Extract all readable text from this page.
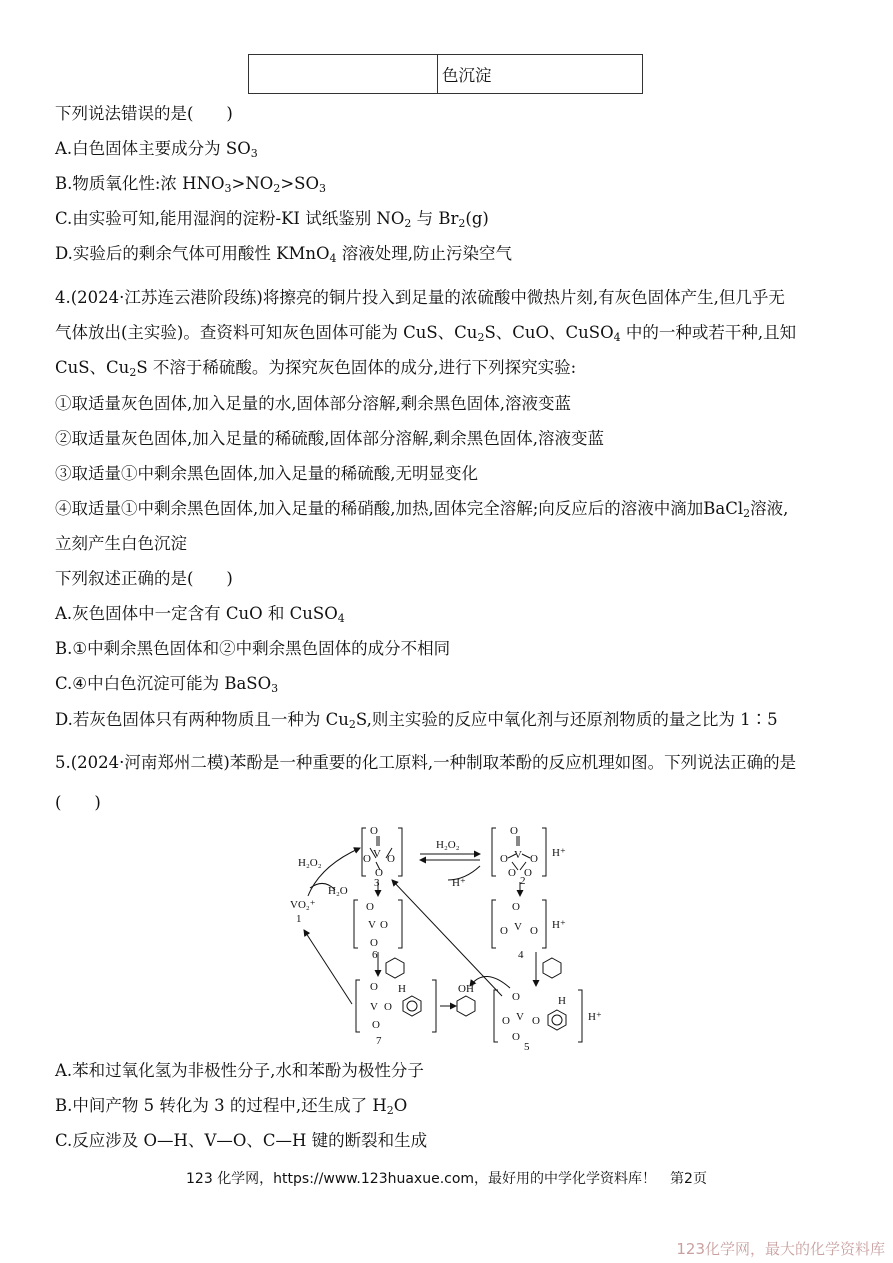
	色沉淀
下列说法错误的是(　　)
A.白色固体主要成分为 $SO_3$
B.物质氧化性:浓 $HNO_3>NO_2>SO_3$
C.由实验可知,能用湿润的淀粉-KI 试纸鉴别 $NO_2$ 与 $Br_2(g)$
D.实验后的剩余气体可用酸性 KMnO$_4$ 溶液处理,防止污染空气
4.(2024·江苏连云港阶段练)将擦亮的铜片投入到足量的浓硫酸中微热片刻,有灰色固体产生,但几乎无
气体放出(主实验)。查资料可知灰色固体可能为 CuS、$Cu_2S$、CuO、CuSO$_4$ 中的一种或若干种,且知
CuS、$Cu_2S$ 不溶于稀硫酸。为探究灰色固体的成分,进行下列探究实验:
①取适量灰色固体,加入足量的水,固体部分溶解,剩余黑色固体,溶液变蓝
②取适量灰色固体,加入足量的稀硫酸,固体部分溶解,剩余黑色固体,溶液变蓝
③取适量①中剩余黑色固体,加入足量的稀硫酸,无明显变化
④取适量①中剩余黑色固体,加入足量的稀硝酸,加热,固体完全溶解;向反应后的溶液中滴加BaCl$_2$溶液,
立刻产生白色沉淀
下列叙述正确的是(　　)
A.灰色固体中一定含有 CuO 和 CuSO$_4$
B.①中剩余黑色固体和②中剩余黑色固体的成分不相同
C.④中白色沉淀可能为 BaSO$_3$
D.若灰色固体只有两种物质且一种为 $Cu_2S$,则主实验的反应中氧化剂与还原剂物质的量之比为 1∶5
5.(2024·河南郑州二模)苯酚是一种重要的化工原料,一种制取苯酚的反应机理如图。下列说法正确的是
(　　)
O
V
O O
O
O
V
O O
O O
O
V O
O
O
V
O O
O
V O
O
O
V
O O
O
H₂O₂
H₂O
H₂O₂
H⁺
H⁺
H⁺
H⁺
VO₂⁺
1
2
3
4
5
6
7
OH
H
H
A.苯和过氧化氢为非极性分子,水和苯酚为极性分子
B.中间产物 5 转化为 3 的过程中,还生成了 $H_2O$
C.反应涉及 O—H、V—O、C—H 键的断裂和生成
123 化学网，https://www.123huaxue.com，最好用的中学化学资料库！　第2页
123化学网，最大的化学资料库
